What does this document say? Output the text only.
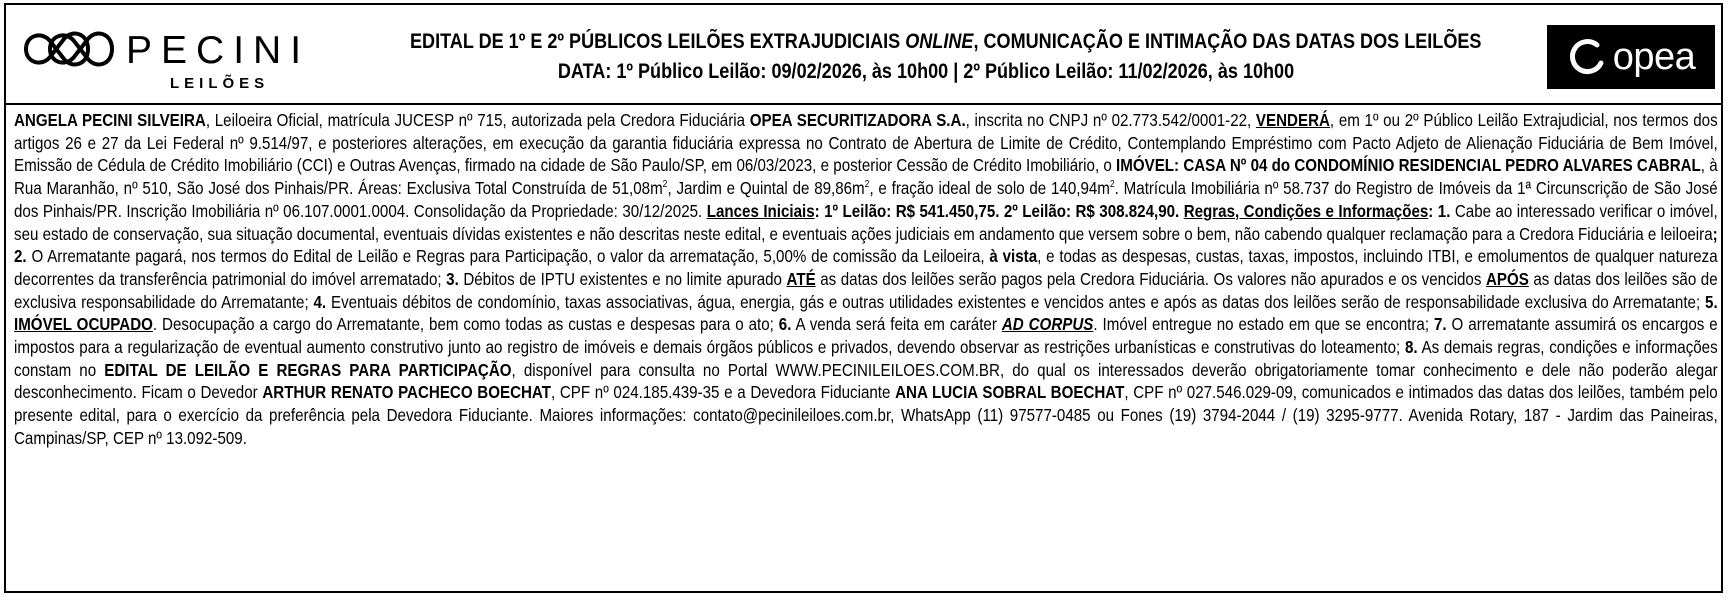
PECINI
LEILÕES
EDITAL DE 1º E 2º PÚBLICOS LEILÕES EXTRAJUDICIAIS ONLINE, COMUNICAÇÃO E INTIMAÇÃO DAS DATAS DOS LEILÕES
DATA: 1º Público Leilão: 09/02/2026, às 10h00 | 2º Público Leilão: 11/02/2026, às 10h00	opea
ANGELA PECINI SILVEIRA, Leiloeira Oficial, matrícula JUCESP nº 715, autorizada pela Credora Fiduciária OPEA SECURITIZADORA S.A., inscrita no CNPJ nº 02.773.542/0001-22, VENDERÁ, em 1º ou 2º Público Leilão Extrajudicial, nos termos dos artigos 26 e 27 da Lei Federal nº 9.514/97, e posteriores alterações, em execução da garantia fiduciária expressa no Contrato de Abertura de Limite de Crédito, Contemplando Empréstimo com Pacto Adjeto de Alienação Fiduciária de Bem Imóvel, Emissão de Cédula de Crédito Imobiliário (CCI) e Outras Avenças, firmado na cidade de São Paulo/SP, em 06/03/2023, e posterior Cessão de Crédito Imobiliário, o IMÓVEL: CASA Nº 04 do CONDOMÍNIO RESIDENCIAL PEDRO ALVARES CABRAL, à Rua Maranhão, nº 510, São José dos Pinhais/PR. Áreas: Exclusiva Total Construída de $51,08m^2$, Jardim e Quintal de $89,86m^2$, e fração ideal de solo de $140,94m^2$. Matrícula Imobiliária nº 58.737 do Registro de Imóveis da 1ª Circunscrição de São José dos Pinhais/PR. Inscrição Imobiliária nº 06.107.0001.0004. Consolidação da Propriedade: 30/12/2025. Lances Iniciais: 1º Leilão: R$ 541.450,75. 2º Leilão: R$ 308.824,90. Regras, Condições e Informações: 1. Cabe ao interessado verificar o imóvel, seu estado de conservação, sua situação documental, eventuais dívidas existentes e não descritas neste edital, e eventuais ações judiciais em andamento que versem sobre o bem, não cabendo qualquer reclamação para a Credora Fiduciária e leiloeira; 2. O Arrematante pagará, nos termos do Edital de Leilão e Regras para Participação, o valor da arrematação, 5,00% de comissão da Leiloeira, à vista, e todas as despesas, custas, taxas, impostos, incluindo ITBI, e emolumentos de qualquer natureza decorrentes da transferência patrimonial do imóvel arrematado; 3. Débitos de IPTU existentes e no limite apurado ATÉ as datas dos leilões serão pagos pela Credora Fiduciária. Os valores não apurados e os vencidos APÓS as datas dos leilões são de exclusiva responsabilidade do Arrematante; 4. Eventuais débitos de condomínio, taxas associativas, água, energia, gás e outras utilidades existentes e vencidos antes e após as datas dos leilões serão de responsabilidade exclusiva do Arrematante; 5. IMÓVEL OCUPADO. Desocupação a cargo do Arrematante, bem como todas as custas e despesas para o ato; 6. A venda será feita em caráter AD CORPUS. Imóvel entregue no estado em que se encontra; 7. O arrematante assumirá os encargos e impostos para a regularização de eventual aumento construtivo junto ao registro de imóveis e demais órgãos públicos e privados, devendo observar as restrições urbanísticas e construtivas do loteamento; 8. As demais regras, condições e informações constam no EDITAL DE LEILÃO E REGRAS PARA PARTICIPAÇÃO, disponível para consulta no Portal WWW.PECINILEILOES.COM.BR, do qual os interessados deverão obrigatoriamente tomar conhecimento e dele não poderão alegar desconhecimento. Ficam o Devedor ARTHUR RENATO PACHECO BOECHAT, CPF nº 024.185.439-35 e a Devedora Fiduciante ANA LUCIA SOBRAL BOECHAT, CPF nº 027.546.029-09, comunicados e intimados das datas dos leilões, também pelo presente edital, para o exercício da preferência pela Devedora Fiduciante. Maiores informações: contato@pecinileiloes.com.br, WhatsApp (11) 97577-0485 ou Fones (19) 3794-2044 / (19) 3295-9777. Avenida Rotary, 187 - Jardim das Paineiras, Campinas/SP, CEP nº 13.092-509.
